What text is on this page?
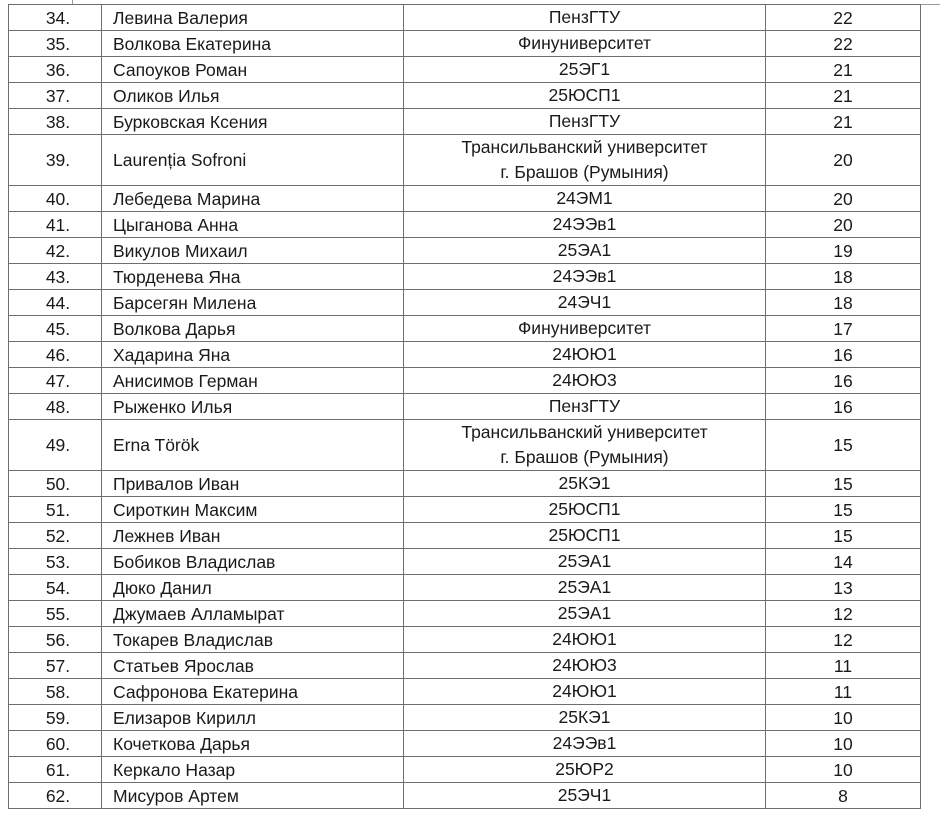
34.	Левина Валерия	ПензГТУ	22
35.	Волкова Екатерина	Финуниверситет	22
36.	Сапоуков Роман	25ЭГ1	21
37.	Оликов Илья	25ЮСП1	21
38.	Бурковская Ксения	ПензГТУ	21
39.	Laurenția Sofroni	Трансильванский университет
г. Брашов (Румыния)	20
40.	Лебедева Марина	24ЭМ1	20
41.	Цыганова Анна	24ЭЭв1	20
42.	Викулов Михаил	25ЭА1	19
43.	Тюрденева Яна	24ЭЭв1	18
44.	Барсегян Милена	24ЭЧ1	18
45.	Волкова Дарья	Финуниверситет	17
46.	Хадарина Яна	24ЮЮ1	16
47.	Анисимов Герман	24ЮЮ3	16
48.	Рыженко Илья	ПензГТУ	16
49.	Erna Török	Трансильванский университет
г. Брашов (Румыния)	15
50.	Привалов Иван	25КЭ1	15
51.	Сироткин Максим	25ЮСП1	15
52.	Лежнев Иван	25ЮСП1	15
53.	Бобиков Владислав	25ЭА1	14
54.	Дюко Данил	25ЭА1	13
55.	Джумаев Алламырат	25ЭА1	12
56.	Токарев Владислав	24ЮЮ1	12
57.	Статьев Ярослав	24ЮЮ3	11
58.	Сафронова Екатерина	24ЮЮ1	11
59.	Елизаров Кирилл	25КЭ1	10
60.	Кочеткова Дарья	24ЭЭв1	10
61.	Керкало Назар	25ЮР2	10
62.	Мисуров Артем	25ЭЧ1	8
